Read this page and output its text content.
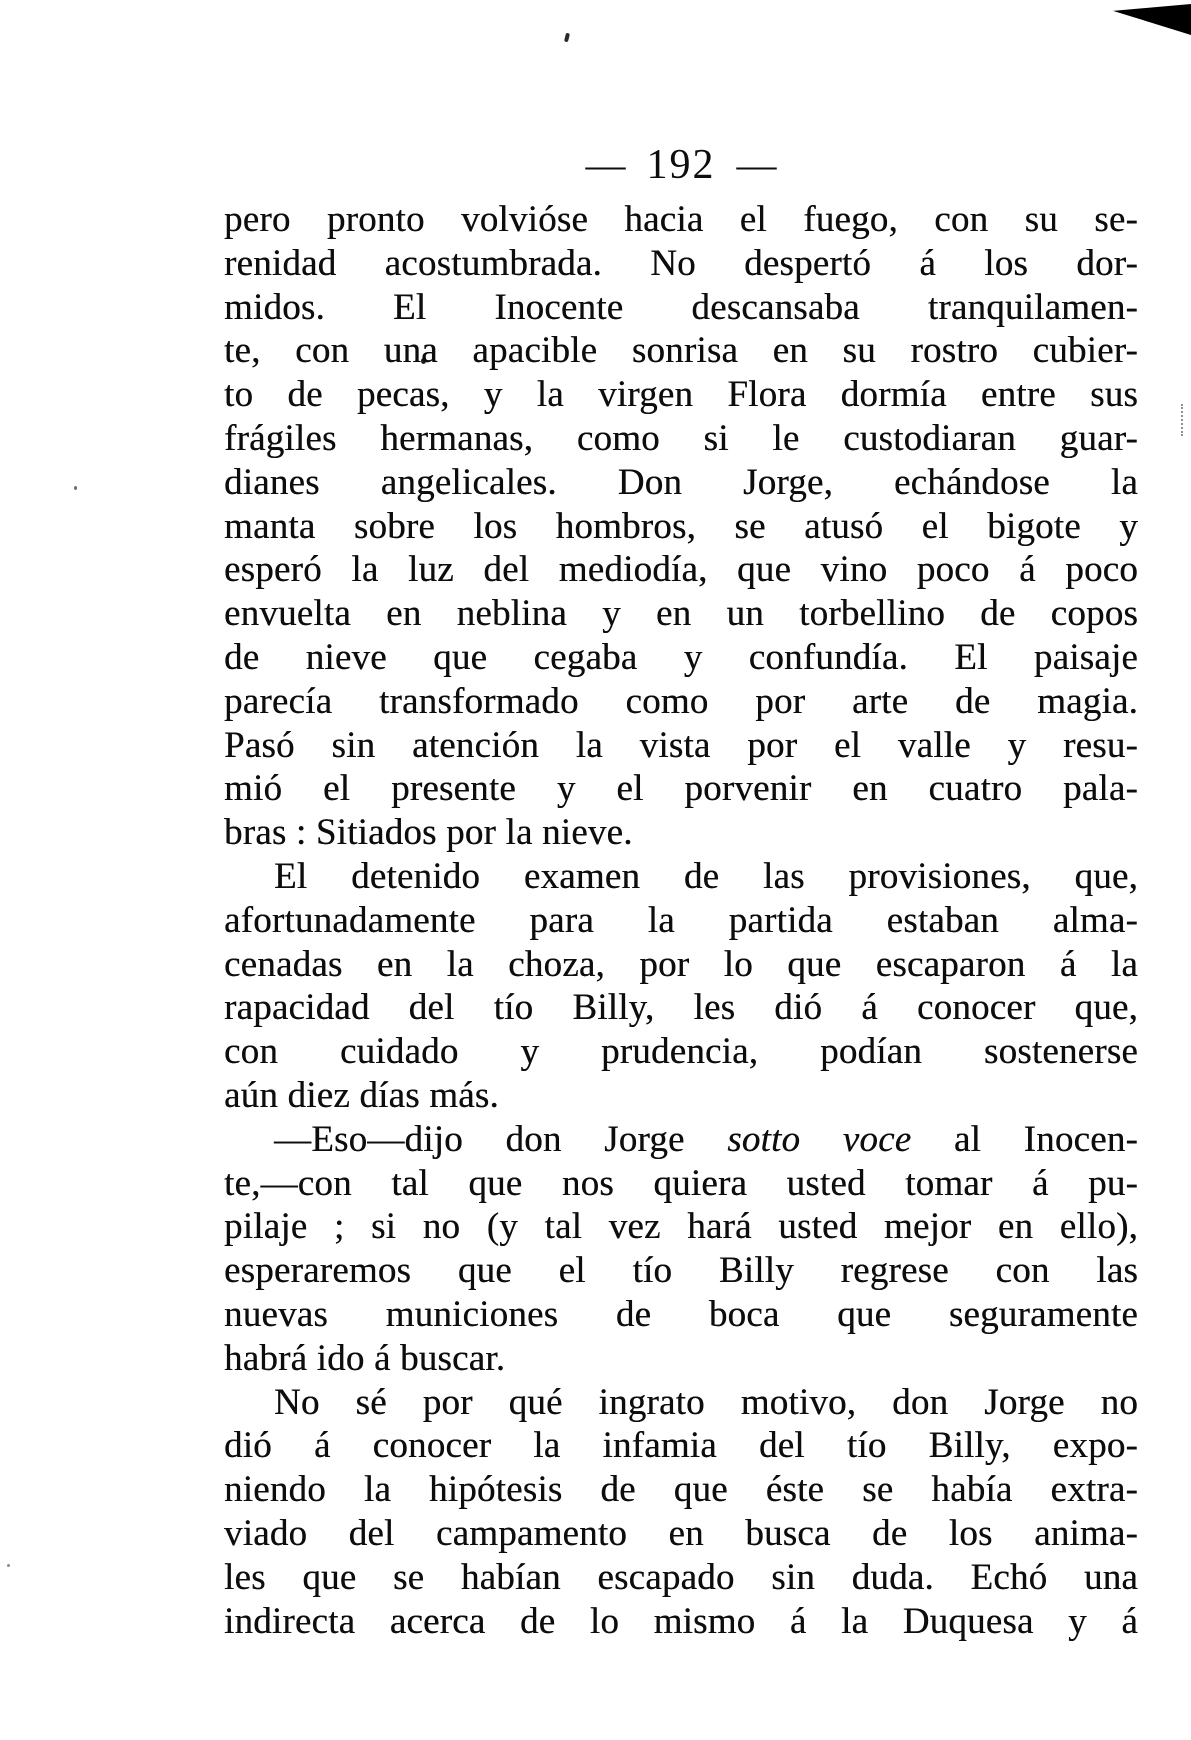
— 192 —
pero pronto volvióse hacia el fuego, con su se-
renidad acostumbrada. No despertó á los dor-
midos. El Inocente descansaba tranquilamen-
te, con una apacible sonrisa en su rostro cubier-
to de pecas, y la virgen Flora dormía entre sus
frágiles hermanas, como si le custodiaran guar-
dianes angelicales. Don Jorge, echándose la
manta sobre los hombros, se atusó el bigote y
esperó la luz del mediodía, que vino poco á poco
envuelta en neblina y en un torbellino de copos
de nieve que cegaba y confundía. El paisaje
parecía transformado como por arte de magia.
Pasó sin atención la vista por el valle y resu-
mió el presente y el porvenir en cuatro pala-
bras : Sitiados por la nieve.
El detenido examen de las provisiones, que,
afortunadamente para la partida estaban alma-
cenadas en la choza, por lo que escaparon á la
rapacidad del tío Billy, les dió á conocer que,
con cuidado y prudencia, podían sostenerse
aún diez días más.
—Eso—dijo don Jorge sotto voce al Inocen-
te,—con tal que nos quiera usted tomar á pu-
pilaje ; si no (y tal vez hará usted mejor en ello),
esperaremos que el tío Billy regrese con las
nuevas municiones de boca que seguramente
habrá ido á buscar.
No sé por qué ingrato motivo, don Jorge no
dió á conocer la infamia del tío Billy, expo-
niendo la hipótesis de que éste se había extra-
viado del campamento en busca de los anima-
les que se habían escapado sin duda. Echó una
indirecta acerca de lo mismo á la Duquesa y á
